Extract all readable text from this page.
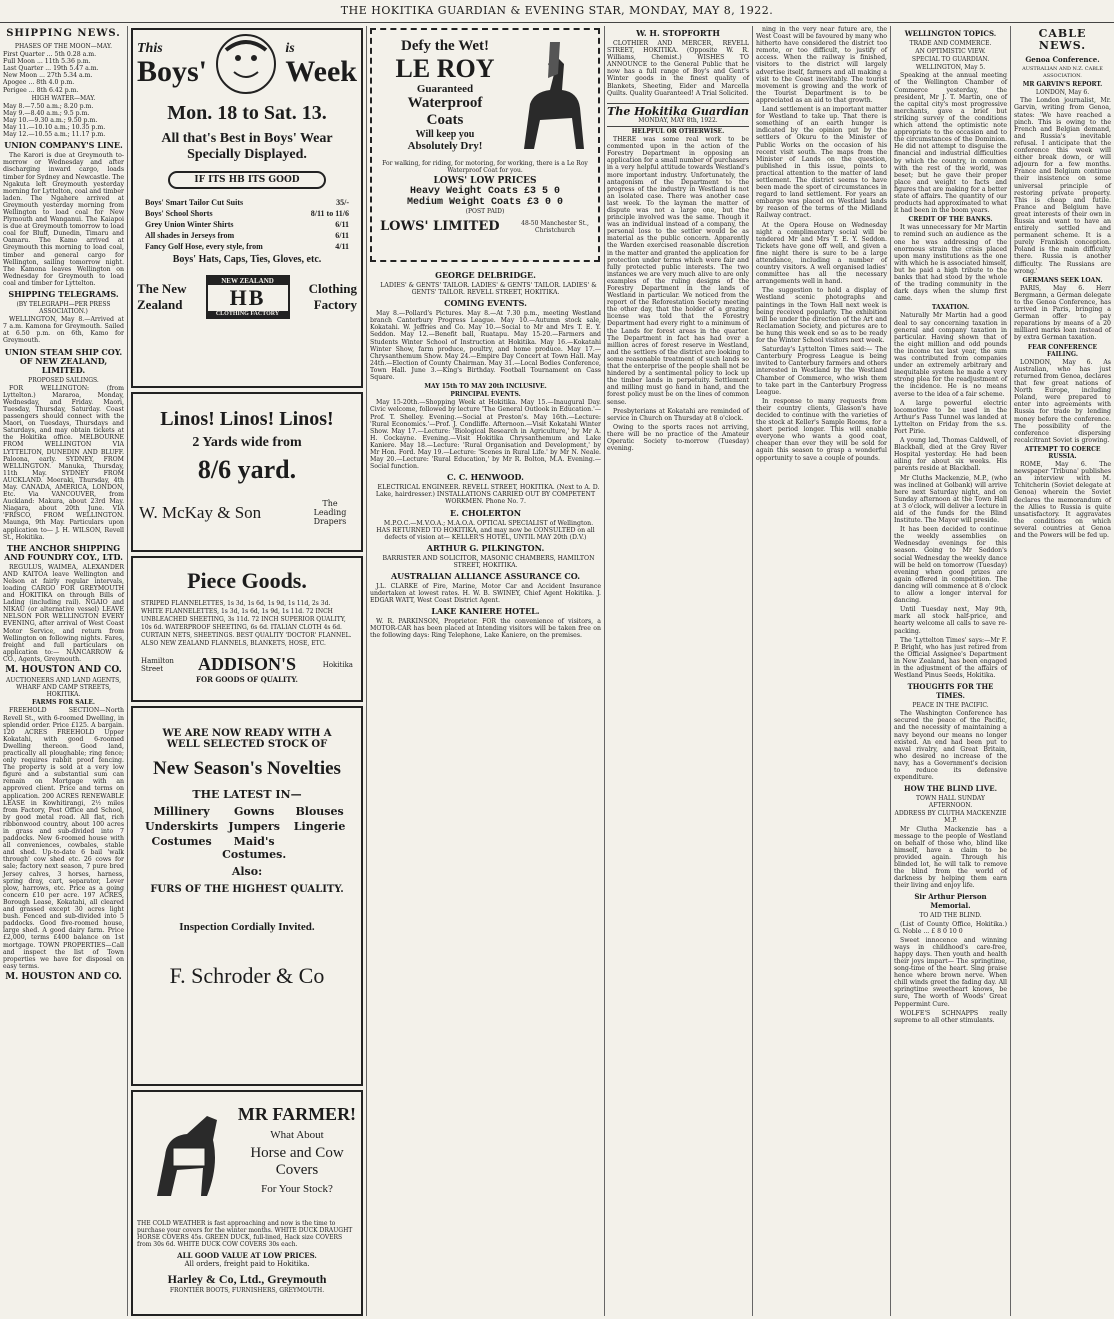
THE HOKITIKA GUARDIAN & EVENING STAR, MONDAY, MAY 8, 1922.
SHIPPING NEWS.
PHASES OF THE MOON—MAY.
First Quarter ... 5th 0.28 a.m.
Full Moon ... 11th 5.36 p.m.
Last Quarter ... 19th 5.47 a.m.
New Moon ... 27th 5.34 a.m.
Apogee ... 8th 4.0 p.m.
Perigee ... 8th 6.42 p.m.
HIGH WATER—MAY.
May 8.—7.50 a.m.; 8.20 p.m.
May 9.—8.40 a.m.; 9.5 p.m.
May 10.—9.30 a.m.; 9.50 p.m.
May 11.—10.10 a.m.; 10.35 p.m.
May 12.—10.55 a.m.; 11.17 p.m.
UNION COMPANY'S LINE.
The Karori is due at Greymouth to-morrow or Wednesday and after discharging inward cargo, loads timber for Sydney and Newcastle. The Ngakuta left Greymouth yesterday morning for Lyttelton, coal and timber laden. The Ngahere arrived at Greymouth yesterday morning from Wellington to load coal for New Plymouth and Wanganui. The Kaiapoi is due at Greymouth tomorrow to load coal for Bluff, Dunedin, Timaru and Oamaru. The Kamo arrived at Greymouth this morning to load coal, timber and general cargo for Wellington, sailing tomorrow night. The Kamona leaves Wellington on Wednesday for Greymouth to load coal and timber for Lyttelton.
SHIPPING TELEGRAMS.
(BY TELEGRAPH—PER PRESS ASSOCIATION.)
WELLINGTON, May 8.—Arrived at 7 a.m. Kamona for Greymouth. Sailed at 6.50 p.m. on 6th, Kamo for Greymouth.
UNION STEAM SHIP COY. OF NEW ZEALAND, LIMITED.
PROPOSED SAILINGS.
FOR WELLINGTON: (from Lyttelton.) Mararoa, Monday, Wednesday, and Friday. Maori, Tuesday, Thursday, Saturday. Coast passengers should connect with the Maori, on Tuesdays, Thursdays and Saturdays, and may obtain tickets at the Hokitika office. MELBOURNE FROM WELLINGTON VIA LYTTELTON, DUNEDIN AND BLUFF. Paloona, early. SYDNEY, FROM WELLINGTON. Manuka, Thursday, 11th May. SYDNEY FROM AUCKLAND. Moeraki, Thursday, 4th May. CANADA, AMERICA, LONDON, Etc. Via VANCOUVER, from Auckland: Makura, about 23rd May. Niagara, about 20th June. VIA 'FRISCO, FROM WELLINGTON. Maunga, 9th May. Particulars upon application to— J. H. WILSON, Revell St., Hokitika.
THE ANCHOR SHIPPING AND FOUNDRY COY., LTD.
REGULUS, WAIMEA, ALEXANDER AND KAITOA leave Wellington and Nelson at fairly regular intervals, loading CARGO FOR GREYMOUTH and HOKITIKA on through Bills of Lading (including rail). NGAIO and NIKAU (or alternative vessel) LEAVE NELSON FOR WELLINGTON EVERY EVENING, after arrival of West Coast Motor Service, and return from Wellington on following nights. Fares, freight and full particulars on application to:— NANCARROW & CO., Agents, Greymouth.
M. HOUSTON AND CO.
AUCTIONEERS AND LAND AGENTS, WHARF AND CAMP STREETS, HOKITIKA.
FARMS FOR SALE.
FREEHOLD SECTION—North Revell St., with 6-roomed Dwelling, in splendid order. Price £125. A bargain. 120 ACRES FREEHOLD Upper Kokatahi, with good 6-roomed Dwelling thereon. Good land, practically all ploughable; ring fence; only requires rabbit proof fencing. The property is sold at a very low figure and a substantial sum can remain on Mortgage with an approved client. Price and terms on application. 200 ACRES RENEWABLE LEASE in Kowhitirangi, 2½ miles from Factory, Post Office and School, by good metal road. All flat, rich ribbonwood country, about 100 acres in grass and sub-divided into 7 paddocks. New 6-roomed house with all conveniences, cowbales, stable and shed. Up-to-date 6 bail 'walk through' cow shed etc. 26 cows for sale; factory next season, 7 pure bred Jersey calves, 3 horses, harness, spring dray, cart, separator, Lever plow, harrows, etc. Price as a going concern £10 per acre. 197 ACRES, Borough Lease, Kokatahi, all cleared and grassed except 30 acres light bush. Fenced and sub-divided into 5 paddocks. Good five-roomed house, large shed. A good dairy farm. Price £2,000, terms £400 balance on 1st mortgage. TOWN PROPERTIES—Call and inspect the list of Town properties we have for disposal on easy terms.
M. HOUSTON AND CO.
This
Boys'
is
Week
Mon. 18 to Sat. 13.
All that's Best in Boys' Wear
Specially Displayed.
IF ITS HB ITS GOOD
Boys' Smart Tailor Cut Suits	35/-
Boys' School Shorts	8/11 to 11/6
Grey Union Winter Shirts	6/11
All shades in Jerseys from	6/11
Fancy Golf Hose, every style, from	4/11
Boys' Hats, Caps, Ties, Gloves, etc.
The New
Zealand
NEW ZEALAND
HB
CLOTHING FACTORY
Clothing
Factory
Linos! Linos! Linos!
2 Yards wide from
8/6 yard.
W. McKay & Son	The Leading Drapers
Piece Goods.
STRIPED FLANNELETTES, 1s 3d, 1s 6d, 1s 9d, 1s 11d, 2s 3d. WHITE FLANNELETTES, 1s 3d, 1s 6d, 1s 9d, 1s 11d. 72 INCH UNBLEACHED SHEETING, 3s 11d. 72 INCH SUPERIOR QUALITY, 10s 6d. WATERPROOF SHEETING, 6s 6d. ITALIAN CLOTH 4s 6d. CURTAIN NETS, SHEETINGS. BEST QUALITY 'DOCTOR' FLANNEL. ALSO NEW ZEALAND FLANNELS, BLANKETS, HOSE, ETC.
Hamilton Street	ADDISON'S	Hokitika
FOR GOODS OF QUALITY.
WE ARE NOW READY WITH A WELL SELECTED STOCK OF
New Season's Novelties
THE LATEST IN—
Millinery	Gowns	Blouses
Underskirts Jumpers	Lingerie
Costumes	Maid's Costumes.
Also:
FURS OF THE HIGHEST QUALITY.
Inspection Cordially Invited.
F. Schroder & Co
MR FARMER!
What About
Horse and Cow
Covers
For Your Stock?
THE COLD WEATHER is fast approaching and now is the time to purchase your covers for the winter months. WHITE DUCK DRAUGHT HORSE COVERS 45s. GREEN DUCK, full-lined, Hack size COVERS from 30s 6d. WHITE DUCK COW COVERS 30s each.
ALL GOOD VALUE AT LOW PRICES.
All orders, freight paid to Hokitika.
Harley & Co, Ltd., Greymouth
FRONTIER BOOTS, FURNISHERS, GREYMOUTH.
Defy the Wet!
LE ROY
Guaranteed
Waterproof
Coats
Will keep you
Absolutely Dry!
For walking, for riding, for motoring, for working, there is a Le Roy Waterproof Coat for you.
LOWS' LOW PRICES
Heavy Weight Coats £3 5 0
Medium Weight Coats £3 0 0
(POST PAID)
LOWS' LIMITED	48-50 Manchester St., Christchurch
GEORGE DELBRIDGE.
LADIES' & GENTS' TAILOR. LADIES' & GENTS' TAILOR. LADIES' & GENTS' TAILOR. REVELL STREET, HOKITIKA.
COMING EVENTS.
May 8.—Pollard's Pictures. May 8.—At 7.30 p.m., meeting Westland branch Canterbury Progress League. May 10.—Autumn stock sale, Kokatahi. W. Jeffries and Co. May 10.—Social to Mr and Mrs T. E. Y. Seddon. May 12.—Benefit ball, Ruatapu. May 15-20.—Farmers and Students Winter School of Instruction at Hokitika. May 16.—Kokatahi Winter Show, farm produce, poultry, and home produce. May 17.—Chrysanthemum Show. May 24.—Empire Day Concert at Town Hall. May 24th.—Election of County Chairman. May 31.—Local Bodies Conference, Town Hall. June 3.—King's Birthday. Football Tournament on Cass Square.
MAY 15th TO MAY 20th INCLUSIVE.
PRINCIPAL EVENTS.
May 15-20th.—Shopping Week at Hokitika. May 15.—Inaugural Day. Civic welcome, followed by lecture 'The General Outlook in Education.'—Prof. T. Shelley. Evening.—Social at Preston's. May 16th.—Lecture: 'Rural Economics.'—Prof. J. Condliffe. Afternoon.—Visit Kokatahi Winter Show. May 17.—Lecture: 'Biological Research in Agriculture,' by Mr A. H. Cockayne. Evening.—Visit Hokitika Chrysanthemum and Lake Kaniere. May 18.—Lecture: 'Rural Organisation and Development,' by Mr Hon. Ford. May 19.—Lecture: 'Scenes in Rural Life.' by Mr N. Neale. May 20.—Lecture: 'Rural Education,' by Mr R. Bolton, M.A. Evening.—Social function.
C. C. HENWOOD.
ELECTRICAL ENGINEER. REVELL STREET, HOKITIKA. (Next to A. D. Lake, hairdresser.) INSTALLATIONS CARRIED OUT BY COMPETENT WORKMEN. Phone No. 7.
E. CHOLERTON
M.P.O.C.—M.V.O.A.; M.A.O.A. OPTICAL SPECIALIST of Wellington. HAS RETURNED TO HOKITIKA, and may now be CONSULTED on all defects of vision at— KELLER'S HOTEL, UNTIL MAY 20th (D.V.)
ARTHUR G. PILKINGTON.
BARRISTER AND SOLICITOR, MASONIC CHAMBERS, HAMILTON STREET, HOKITIKA.
AUSTRALIAN ALLIANCE ASSURANCE CO.
J.L. CLARKE of Fire, Marine, Motor Car and Accident Insurance undertaken at lowest rates. H. W. B. SWINEY, Chief Agent Hokitika. J. EDGAR WATT, West Coast District Agent.
LAKE KANIERE HOTEL.
W. R. PARKINSON, Proprietor. FOR the convenience of visitors, a MOTOR-CAR has been placed at Intending visitors will be taken free on the following days: Ring Telephone, Lake Kaniere, on the premises.
W. H. STOPFORTH
CLOTHIER AND MERCER, REVELL STREET, HOKITIKA. (Opposite W. R. Williams, Chemist.) WISHES TO ANNOUNCE to the General Public that he now has a full range of Boy's and Gent's Winter goods in the finest quality of Blankets, Sheeting, Eider and Marcella Quilts. Quality Guaranteed! A Trial Solicited.
The Hokitika Guardian
MONDAY, MAY 8th, 1922.
HELPFUL OR OTHERWISE.
THERE was some real work to be commented upon in the action of the Forestry Department in opposing an application for a small number of purchasers in a very helpful attitude towards Westland's more important industry. Unfortunately, the antagonism of the Department to the progress of the industry in Westland is not an isolated case. There was another case last week. To the layman the matter of dispute was not a large one, but the principle involved was the same. Though it was an individual instead of a company, the personal loss to the settler would be as material as the public concern. Apparently the Warden exercised reasonable discretion in the matter and granted the application for protection under terms which were fair and fully protected public interests. The two instances we are very much alive to are only examples of the ruling designs of the Forestry Department in the lands of Westland in particular. We noticed from the report of the Reforestation Society meeting the other day, that the holder of a grazing license was told that the Forestry Department had every right to a minimum of the Lands for forest areas in the quarter. The Department in fact has had over a million acres of forest reserve in Westland, and the settlers of the district are looking to some reasonable treatment of such lands so that the enterprise of the people shall not be hindered by a sentimental policy to lock up the timber lands in perpetuity. Settlement and milling must go hand in hand, and the forest policy must be on the lines of common sense.
Presbyterians at Kokatahi are reminded of service in Church on Thursday at 8 o'clock.
Owing to the sports races not arriving, there will be no practice of the Amateur Operatic Society to-morrow (Tuesday) evening.
ning in the very near future are, the West Coast will be favoured by many who hitherto have considered the district too remote, or too difficult, to justify of access. When the railway is finished, visitors to the district will largely advertise itself, farmers and all making a visit to the Coast inevitably. The tourist movement is growing and the work of the Tourist Department is to be appreciated as an aid to that growth.
Land settlement is an important matter for Westland to take up. That there is something of an earth hunger is indicated by the opinion put by the settlers of Okuru to the Minister of Public Works on the occasion of his recent visit south. The maps from the Minister of Lands on the question, published in this issue, points to practical attention to the matter of land settlement. The district seems to have been made the sport of circumstances in regard to land settlement. For years an embargo was placed on Westland lands by reason of the terms of the Midland Railway contract.
At the Opera House on Wednesday night a complimentary social will be tendered Mr and Mrs T. E. Y. Seddon. Tickets have gone off well, and given a fine night there is sure to be a large attendance, including a number of country visitors. A well organised ladies' committee has all the necessary arrangements well in hand.
The suggestion to hold a display of Westland scenic photographs and paintings in the Town Hall next week is being received popularly. The exhibition will be under the direction of the Art and Reclamation Society, and pictures are to be hung this week end so as to be ready for the Winter School visitors next week.
Saturday's Lyttelton Times said:— The Canterbury Progress League is being invited to Canterbury farmers and others interested in Westland by the Westland Chamber of Commerce, who wish them to take part in the Canterbury Progress League.
In response to many requests from their country clients, Glasson's have decided to continue with the varieties of the stock at Keller's Sample Rooms, for a short period longer. This will enable everyone who wants a good coat, cheaper than ever they will be sold for again this season to grasp a wonderful opportunity to save a couple of pounds.
WELLINGTON TOPICS.
TRADE AND COMMERCE.
AN OPTIMISTIC VIEW.
SPECIAL TO GUARDIAN.
WELLINGTON, May 5.
Speaking at the annual meeting of the Wellington Chamber of Commerce yesterday, the president, Mr J. T. Martin, one of the capital city's most progressive merchants, gave a brief but striking survey of the conditions which attend the optimistic note appropriate to the occasion and to the circumstances of the Dominion. He did not attempt to disguise the financial and industrial difficulties by which the country, in common with the rest of the world, was beset; but he gave their proper place and weight to facts and figures that are making for a better state of affairs. The quantity of our products had approximated to what it had been in the boom years.
CREDIT OF THE BANKS.
It was unnecessary for Mr Martin to remind such an audience as the one he was addressing of the enormous strain the crisis placed upon many institutions as the one with which he is associated himself, but he paid a high tribute to the banks that had stood by the whole of the trading community in the dark days when the slump first came.
TAXATION.
Naturally Mr Martin had a good deal to say concerning taxation in general and company taxation in particular. Having shown that of the eight million and odd pounds the income tax last year, the sum was contributed from companies under an extremely arbitrary and inequitable system he made a very strong plea for the readjustment of the incidence. He is no means averse to the idea of a fair scheme.
A large powerful electric locomotive to be used in the Arthur's Pass Tunnel was landed at Lyttelton on Friday from the s.s. Port Pirie.
A young lad, Thomas Caldwell, of Blackball, died at the Grey River Hospital yesterday. He had been ailing for about six weeks. His parents reside at Blackball.
Mr Cluths Mackenzie, M.P., (who was inclined at Golbank) will arrive here next Saturday night, and on Sunday afternoon at the Town Hall at 3 o'clock, will deliver a lecture in aid of the funds for the Blind Institute. The Mayor will preside.
It has been decided to continue the weekly assemblies on Wednesday evenings for this season. Going to Mr Seddon's social Wednesday the weekly dance will be held on tomorrow (Tuesday) evening when good prizes are again offered in competition. The dancing will commence at 8 o'clock to allow a longer interval for dancing.
Until Tuesday next, May 9th, mark all stock half-price, and hearty welcome all calls to save re-packing.
The 'Lyttelton Times' says:—Mr F. P. Bright, who has just retired from the Official Assignee's Department in New Zealand, has been engaged in the adjustment of the affairs of Westland Pinus Seeds, Hokitika.
THOUGHTS FOR THE TIMES.
PEACE IN THE PACIFIC.
The Washington Conference has secured the peace of the Pacific, and the necessity of maintaining a navy beyond our means no longer existed. An end had been put to naval rivalry, and Great Britain, who desired no increase of the navy, has a Government's decision to reduce its defensive expenditure.
HOW THE BLIND LIVE.
TOWN HALL SUNDAY AFTERNOON.
ADDRESS BY CLUTHA MACKENZIE M.P.
Mr Clutha Mackenzie has a message to the people of Westland on behalf of those who, blind like himself, have a claim to be provided again. Through his blinded lot, he will talk to remove the blind from the world of darkness by helping them earn their living and enjoy life.
Sir Arthur Pierson Memorial.
TO AID THE BLIND.
(List of County Office, Hokitika.) G. Noble ... £ 8 0 10 0
Sweet innocence and winning ways in childhood's care-free, happy days. Then youth and health their joys impart— The springtime, song-time of the heart. Sing praise hence where brown nerve. When chill winds greet the fading day. All springtime sweetheart knows, be sure, The worth of Woods' Great Peppermint Cure.
WOLFE'S SCHNAPPS really supreme to all other stimulants.
CABLE NEWS.
Genoa Conference.
AUSTRALIAN AND N.Z. CABLE ASSOCIATION.
MR GARVIN'S REPORT.
LONDON, May 6.
The London journalist, Mr. Garvin, writing from Genoa, states: 'We have reached a pinch. This is owing to the French and Belgian demand, and Russia's inevitable refusal. I anticipate that the conference this week will either break down, or will adjourn for a few months. France and Belgium continue their insistence on some universal principle of restoring private property. This is cheap and futile. France and Belgium have great interests of their own in Russia and want to have an entirely settled and permanent scheme. It is a purely Frankish conception. Poland is the main difficulty there. Russia is another difficulty. The Russians are wrong.'
GERMANS SEEK LOAN.
PARIS, May 6. Herr Bergmann, a German delegate to the Genoa Conference, has arrived in Paris, bringing a German offer to pay reparations by means of a 20 milliard marks loan instead of by extra German taxation.
FEAR CONFERENCE FAILING.
LONDON, May 6. As Australian, who has just returned from Genoa, declares that few great nations of North Europe, including Poland, were prepared to enter into agreements with Russia for trade by lending money before the conference. The possibility of the conference dispersing recalcitrant Soviet is growing.
ATTEMPT TO COERCE RUSSIA.
ROME, May 6. The newspaper 'Tribuna' publishes an interview with M. Tchitcherin (Soviet delegate at Genoa) wherein the Soviet declares the memorandum of the Allies to Russia is quite unsatisfactory. It aggravates the conditions on which several countries at Genoa and the Powers will be fed up.
